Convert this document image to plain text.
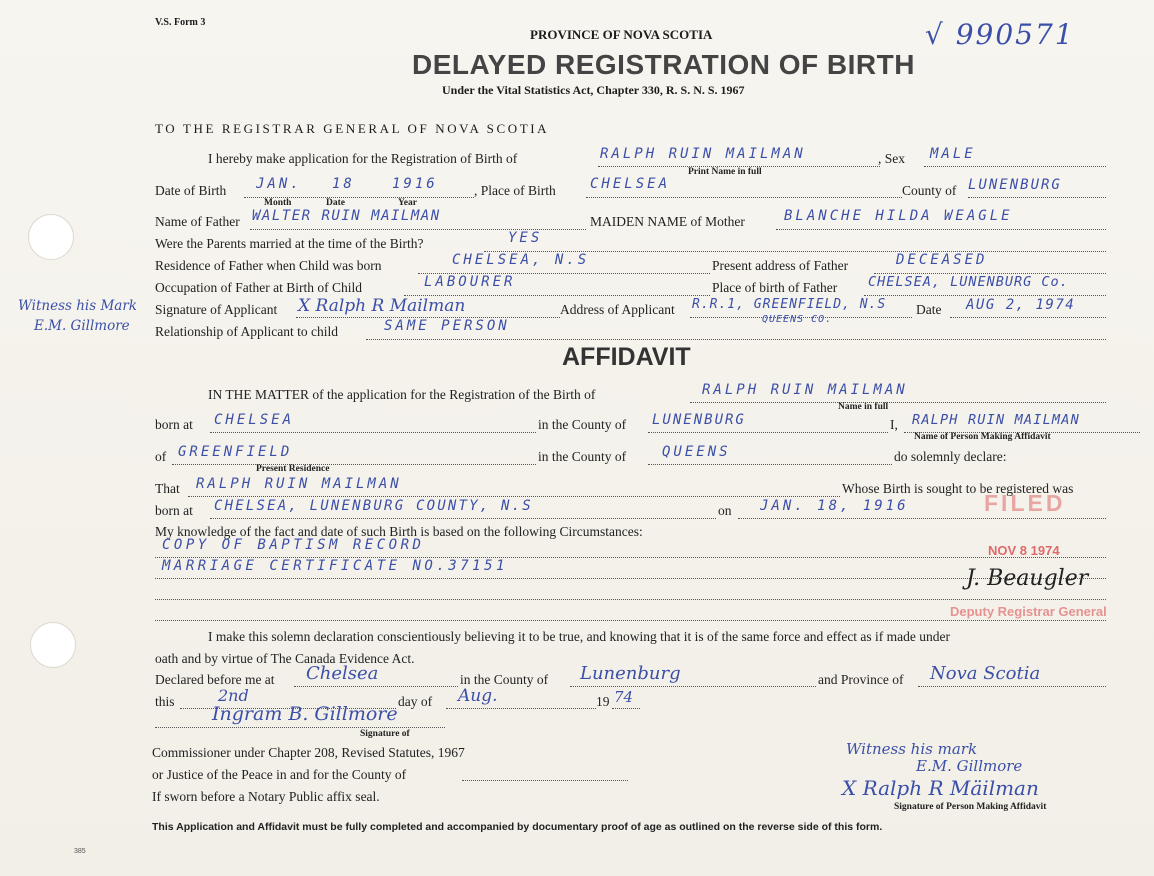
V.S. Form 3	√ 990571
PROVINCE OF NOVA SCOTIA
DELAYED REGISTRATION OF BIRTH
Under the Vital Statistics Act, Chapter 330, R. S. N. S. 1967
TO THE REGISTRAR GENERAL OF NOVA SCOTIA
I hereby make application for the Registration of Birth of	RALPH RUIN MAILMAN
Print Name in full
, Sex MALE
Date of Birth JAN. 18	1916
Month	Date	Year
, Place of Birth CHELSEA	County of LUNENBURG
Name of Father WALTER RUIN MAILMAN	MAIDEN NAME of Mother	BLANCHE HILDA WEAGLE
Were the Parents married at the time of the Birth?	YES
Residence of Father when Child was born	CHELSEA, N.S	Present address of Father	DECEASED
Occupation of Father at Birth of Child	LABOURER	Place of birth of Father CHELSEA, LUNENBURG Co.
Witness his Mark
E.M. Gillmore
Signature of Applicant X Ralph R Mailman	Address of Applicant R.R.1, GREENFIELD, N.S
QUEENS CO.
Date AUG 2, 1974
Relationship of Applicant to child	SAME PERSON
AFFIDAVIT
IN THE MATTER of the application for the Registration of the Birth of	RALPH RUIN MAILMAN
Name in full
born at CHELSEA	in the County of LUNENBURG	I, RALPH RUIN MAILMAN
Name of Person Making Affidavit
of GREENFIELD
Present Residence
in the County of	QUEENS	do solemnly declare:
That RALPH RUIN MAILMAN	Whose Birth is sought to be registered was
born at CHELSEA, LUNENBURG COUNTY, N.S	on JAN. 18, 1916	FILED
My knowledge of the fact and date of such Birth is based on the following Circumstances:
COPY OF BAPTISM RECORD	NOV 8 1974
MARRIAGE CERTIFICATE NO.37151	J. Beaugler
Deputy Registrar General
I make this solemn declaration conscientiously believing it to be true, and knowing that it is of the same force and effect as if made under
oath and by virtue of The Canada Evidence Act.
Declared before me at Chelsea	in the County of Lunenburg	and Province of Nova Scotia
this	2nd	day of Aug.	19 74
Ingram B. Gillmore
Signature of
Commissioner under Chapter 208, Revised Statutes, 1967
or Justice of the Peace in and for the County of
If sworn before a Notary Public affix seal.
Witness his mark
E.M. Gillmore
X Ralph R Mäilman
Signature of Person Making Affidavit
This Application and Affidavit must be fully completed and accompanied by documentary proof of age as outlined on the reverse side of this form.
385
